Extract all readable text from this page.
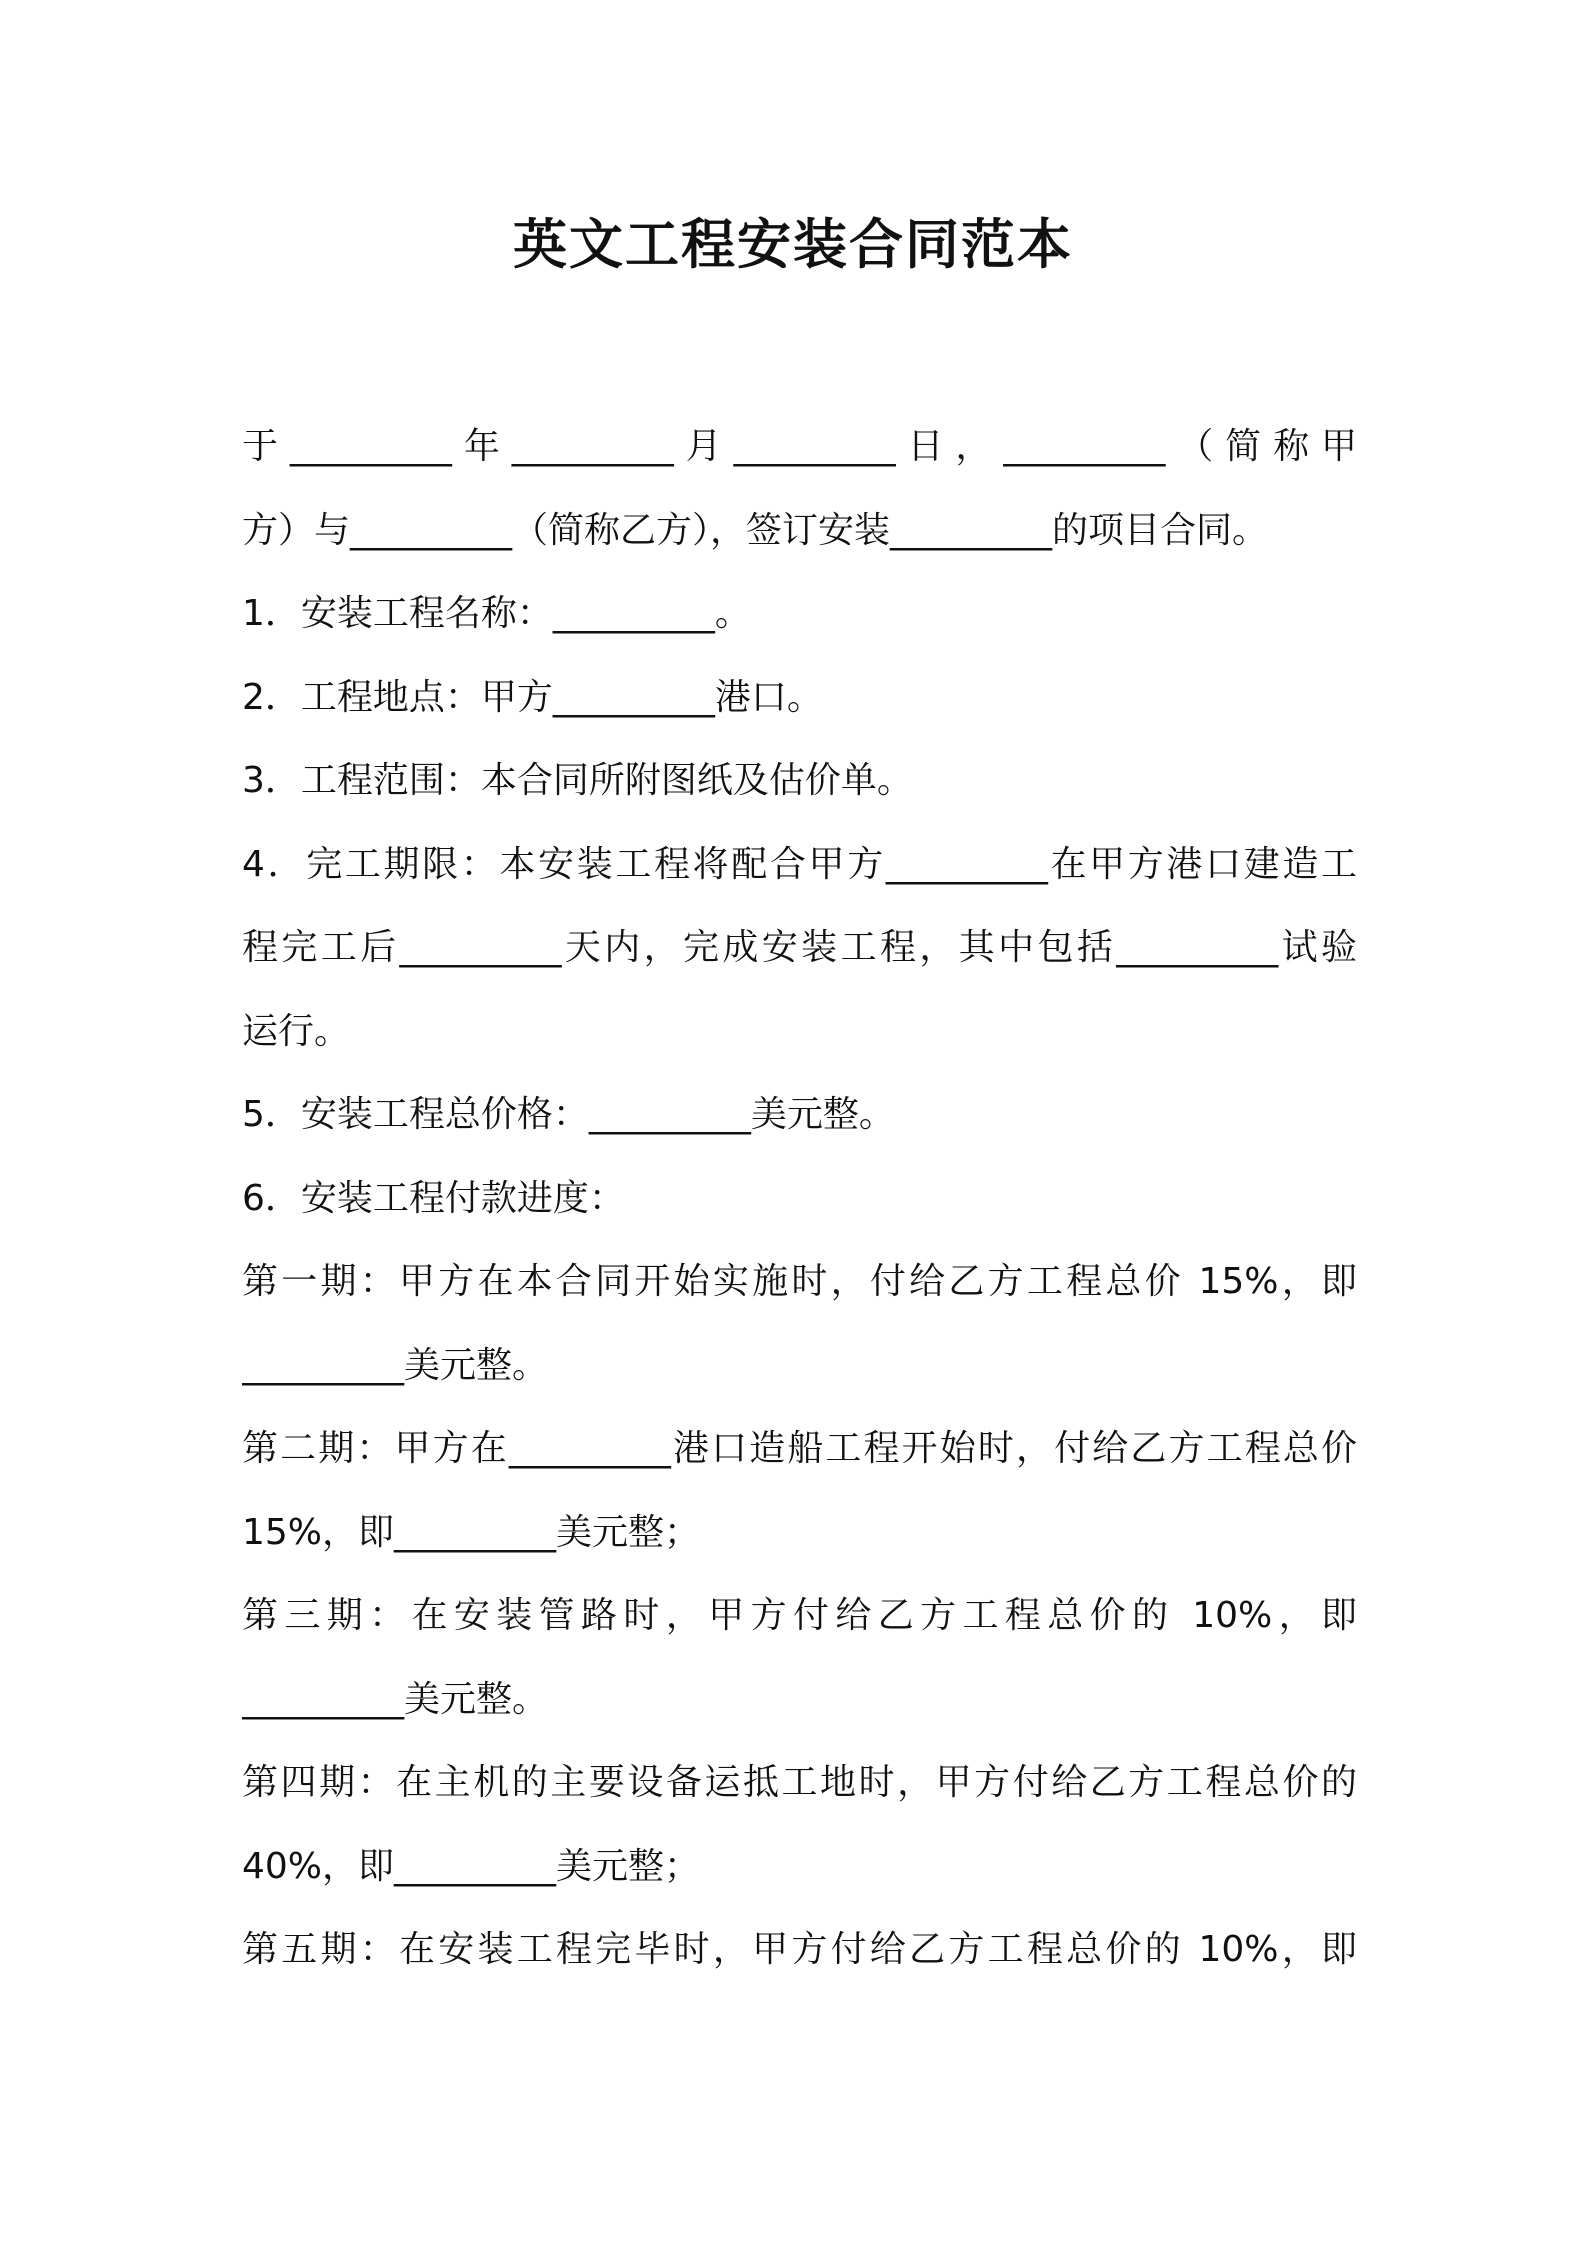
英文工程安装合同范本
于_________年_________月_________日，_________（简称甲
方）与_________（简称乙方），签订安装_________的项目合同。
1．安装工程名称：_________。
2．工程地点：甲方_________港口。
3．工程范围：本合同所附图纸及估价单。
4．完工期限：本安装工程将配合甲方_________在甲方港口建造工
程完工后_________天内，完成安装工程，其中包括_________试验
运行。
5．安装工程总价格：_________美元整。
6．安装工程付款进度：
第一期：甲方在本合同开始实施时，付给乙方工程总价 15%，即
_________美元整。
第二期：甲方在_________港口造船工程开始时，付给乙方工程总价
15%，即_________美元整；
第三期：在安装管路时，甲方付给乙方工程总价的 10%，即
_________美元整。
第四期：在主机的主要设备运抵工地时，甲方付给乙方工程总价的
40%，即_________美元整；
第五期：在安装工程完毕时，甲方付给乙方工程总价的 10%，即
